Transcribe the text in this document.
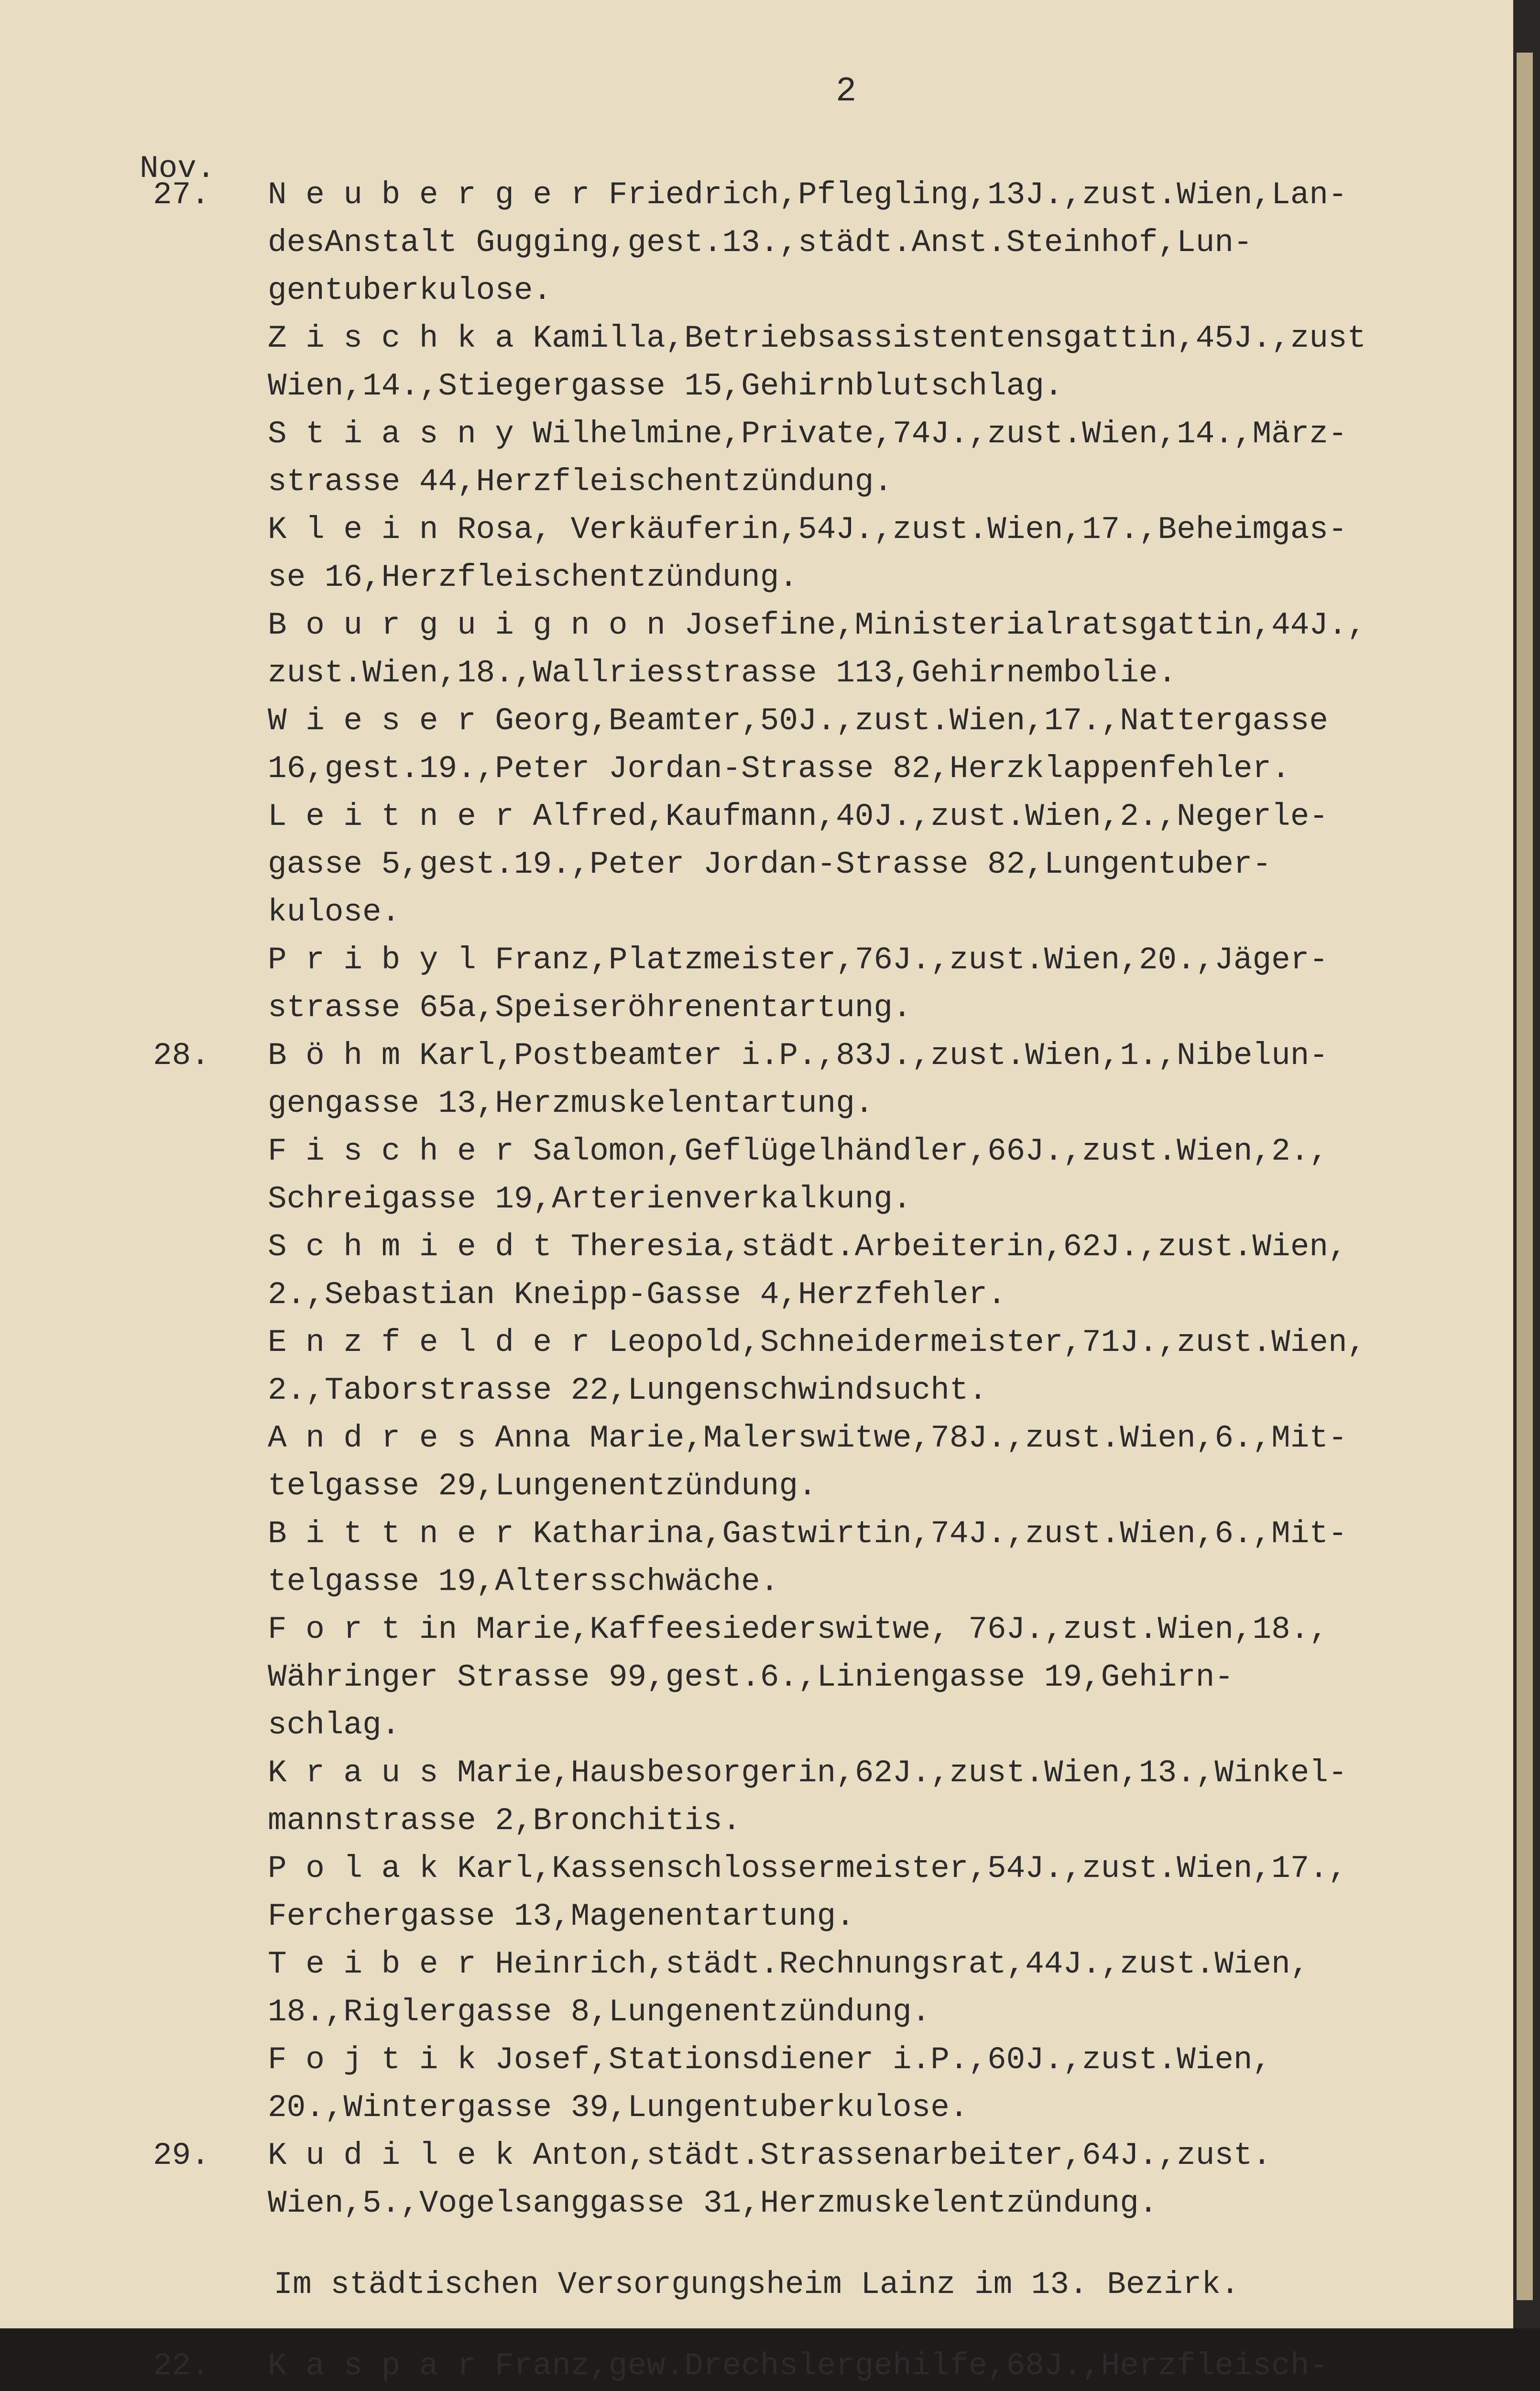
2
Nov.
27.	N e u b e r g e r Friedrich,Pflegling,13J.,zust.Wien,Lan-
desAnstalt Gugging,gest.13.,städt.Anst.Steinhof,Lun-
gentuberkulose.
Z i s c h k a Kamilla,Betriebsassistentensgattin,45J.,zust
Wien,14.,Stiegergasse 15,Gehirnblutschlag.
S t i a s n y Wilhelmine,Private,74J.,zust.Wien,14.,März-
strasse 44,Herzfleischentzündung.
K l e i n Rosa, Verkäuferin,54J.,zust.Wien,17.,Beheimgas-
se 16,Herzfleischentzündung.
B o u r g u i g n o n Josefine,Ministerialratsgattin,44J.,
zust.Wien,18.,Wallriesstrasse 113,Gehirnembolie.
W i e s e r Georg,Beamter,50J.,zust.Wien,17.,Nattergasse
16,gest.19.,Peter Jordan-Strasse 82,Herzklappenfehler.
L e i t n e r Alfred,Kaufmann,40J.,zust.Wien,2.,Negerle-
gasse 5,gest.19.,Peter Jordan-Strasse 82,Lungentuber-
kulose.
P r i b y l Franz,Platzmeister,76J.,zust.Wien,20.,Jäger-
strasse 65a,Speiseröhrenentartung.
28.	B ö h m Karl,Postbeamter i.P.,83J.,zust.Wien,1.,Nibelun-
gengasse 13,Herzmuskelentartung.
F i s c h e r Salomon,Geflügelhändler,66J.,zust.Wien,2.,
Schreigasse 19,Arterienverkalkung.
S c h m i e d t Theresia,städt.Arbeiterin,62J.,zust.Wien,
2.,Sebastian Kneipp-Gasse 4,Herzfehler.
E n z f e l d e r Leopold,Schneidermeister,71J.,zust.Wien,
2.,Taborstrasse 22,Lungenschwindsucht.
A n d r e s Anna Marie,Malerswitwe,78J.,zust.Wien,6.,Mit-
telgasse 29,Lungenentzündung.
B i t t n e r Katharina,Gastwirtin,74J.,zust.Wien,6.,Mit-
telgasse 19,Altersschwäche.
F o r t in Marie,Kaffeesiederswitwe, 76J.,zust.Wien,18.,
Währinger Strasse 99,gest.6.,Liniengasse 19,Gehirn-
schlag.
K r a u s Marie,Hausbesorgerin,62J.,zust.Wien,13.,Winkel-
mannstrasse 2,Bronchitis.
P o l a k Karl,Kassenschlossermeister,54J.,zust.Wien,17.,
Ferchergasse 13,Magenentartung.
T e i b e r Heinrich,städt.Rechnungsrat,44J.,zust.Wien,
18.,Riglergasse 8,Lungenentzündung.
F o j t i k Josef,Stationsdiener i.P.,60J.,zust.Wien,
20.,Wintergasse 39,Lungentuberkulose.
29.	K u d i l e k Anton,städt.Strassenarbeiter,64J.,zust.
Wien,5.,Vogelsanggasse 31,Herzmuskelentzündung.
Im städtischen Versorgungsheim Lainz im 13. Bezirk.
22.	K a s p a r Franz,gew.Drechslergehilfe,68J.,Herzfleisch-
